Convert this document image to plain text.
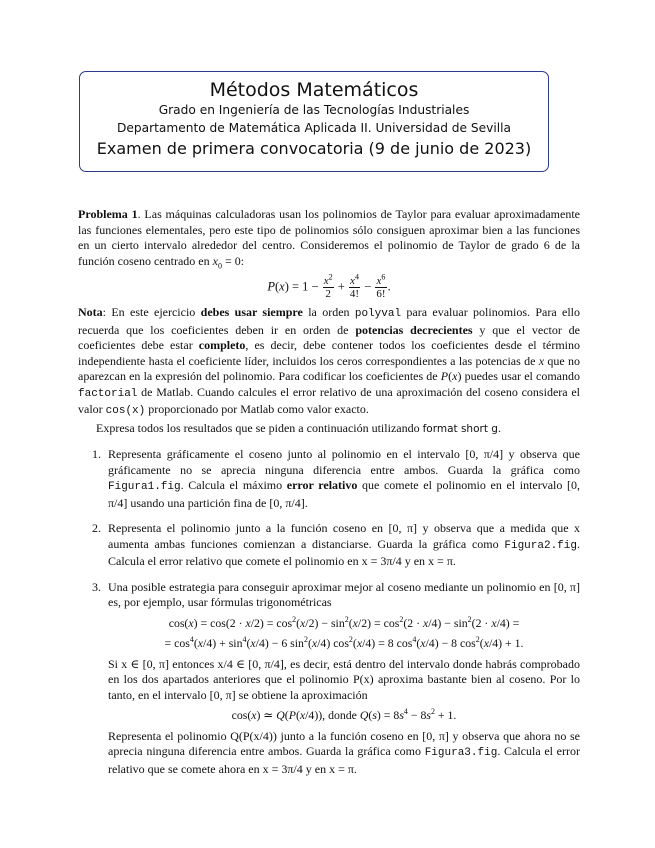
Métodos Matemáticos
Grado en Ingeniería de las Tecnologías Industriales
Departamento de Matemática Aplicada II. Universidad de Sevilla
Examen de primera convocatoria (9 de junio de 2023)

Problema 1. Las máquinas calculadoras usan los polinomios de Taylor para evaluar aproximadamente las funciones elementales, pero este tipo de polinomios sólo consiguen aproximar bien a las funciones en un cierto intervalo alrededor del centro. Consideremos el polinomio de Taylor de grado 6 de la función coseno centrado en $x_0 = 0$:

$P(x) = 1 - \frac{x^2}{2} + \frac{x^4}{4!} - \frac{x^6}{6!}$ .

Nota: En este ejercicio debes usar siempre la orden polyval para evaluar polinomios. Para ello recuerda que los coeficientes deben ir en orden de potencias decrecientes y que el vector de coeficientes debe estar completo, es decir, debe contener todos los coeficientes desde el término independiente hasta el coeficiente líder, incluidos los ceros correspondientes a las potencias de x que no aparezcan en la expresión del polinomio. Para codificar los coeficientes de P(x) puedes usar el comando factorial de Matlab. Cuando calcules el error relativo de una aproximación del coseno considera el valor cos(x) proporcionado por Matlab como valor exacto.

Expresa todos los resultados que se piden a continuación utilizando format short g.

1. Representa gráficamente el coseno junto al polinomio en el intervalo [0, π/4] y observa que gráficamente no se aprecia ninguna diferencia entre ambos. Guarda la gráfica como Figura1.fig. Calcula el máximo error relativo que comete el polinomio en el intervalo [0, π/4] usando una partición fina de [0, π/4].
2. Representa el polinomio junto a la función coseno en [0, π] y observa que a medida que x aumenta ambas funciones comienzan a distanciarse. Guarda la gráfica como Figura2.fig. Calcula el error relativo que comete el polinomio en x = 3π/4 y en x = π.
3. Una posible estrategia para conseguir aproximar mejor al coseno mediante un polinomio en [0, π] es, por ejemplo, usar fórmulas trigonométricas
$\cos(x) = \cos(2 \cdot x/2) = \cos^2(x/2) - \sin^2(x/2) = \cos^2(2 \cdot x/4) - \sin^2(2 \cdot x/4)$ =
= $\cos^4(x/4) + \sin^4(x/4) - 6$ $\sin^2(x/4) \cos^2(x/4) = 8$ $\cos^4(x/4) - 8$ $\cos^2(x/4) + 1$.
Si x ∈ [0, π] entonces x/4 ∈ [0, π/4], es decir, está dentro del intervalo donde habrás comprobado en los dos apartados anteriores que el polinomio P(x) aproxima bastante bien al coseno. Por lo tanto, en el intervalo [0, π] se obtiene la aproximación
cos(x) ≃ Q(P(x/4)), donde $Q(s) = 8s^4 - 8s^2 + 1$.
Representa el polinomio Q(P(x/4)) junto a la función coseno en [0, π] y observa que ahora no se aprecia ninguna diferencia entre ambos. Guarda la gráfica como Figura3.fig. Calcula el error relativo que se comete ahora en x = 3π/4 y en x = π.
